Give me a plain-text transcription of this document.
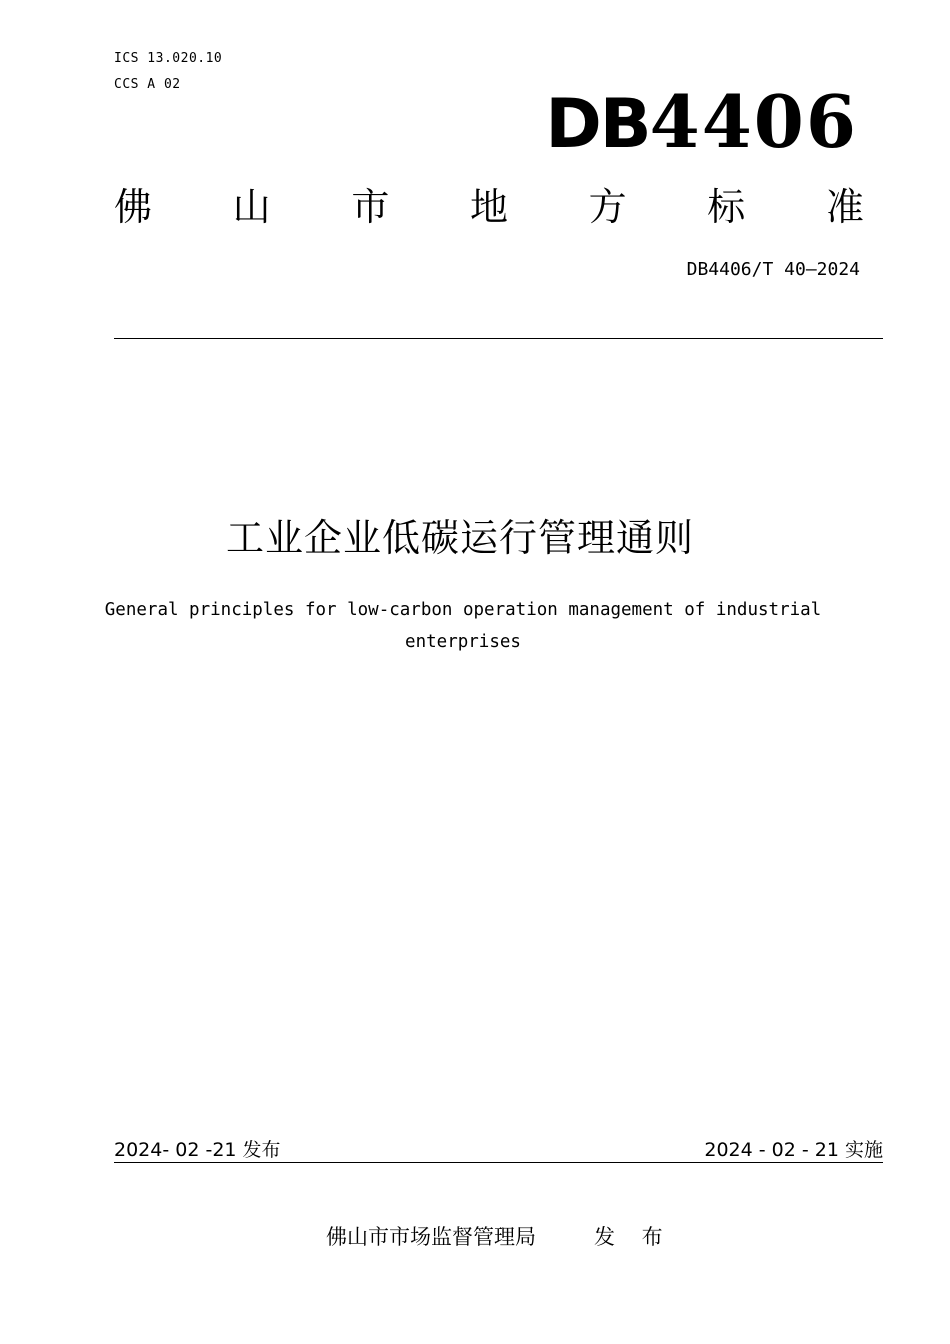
ICS 13.020.10
CCS A 02
DB4406
佛 山 市 地 方 标 准
DB4406/T 40—2024
工业企业低碳运行管理通则
General principles for low-carbon operation management of industrial enterprises
2024- 02 -21 发布	2024 - 02 - 21 实施
佛山市市场监督管理局	发 布
